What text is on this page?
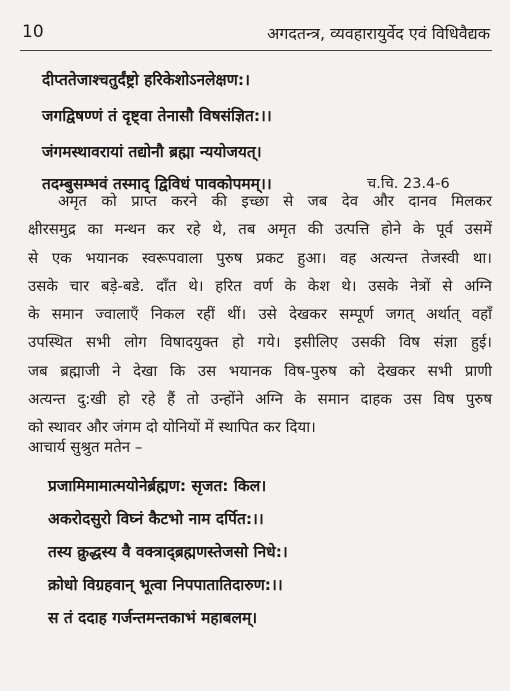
10	अगदतन्त्र, व्यवहारायुर्वेद एवं विधिवैद्यक
दीप्ततेजाश्चतुर्दंष्ट्रो हरिकेशोऽनलेक्षण:।
जगद्विषण्णं तं दृष्ट्वा तेनासौ विषसंज्ञित:।।
जंगमस्थावरायां तद्योनौ ब्रह्मा न्ययोजयत्।
तदम्बुसम्भवं तस्माद् द्विविधं पावकोपमम्।।	च.चि. 23.4-6
अमृत को प्राप्त करने की इच्छा से जब देव और दानव मिलकर
क्षीरसमुद्र का मन्थन कर रहे थे, तब अमृत की उत्पत्ति होने के पूर्व उसमें
से एक भयानक स्वरूपवाला पुरुष प्रकट हुआ। वह अत्यन्त तेजस्वी था।
उसके चार बड़े-बडे. दाँत थे। हरित वर्ण के केश थे। उसके नेत्रों से अग्नि
के समान ज्वालाएँ निकल रहीं थीं। उसे देखकर सम्पूर्ण जगत् अर्थात् वहाँ
उपस्थित सभी लोग विषादयुक्त हो गये। इसीलिए उसकी विष संज्ञा हुई।
जब ब्रह्माजी ने देखा कि उस भयानक विष-पुरुष को देखकर सभी प्राणी
अत्यन्त दु:खी हो रहे हैं तो उन्होंने अग्नि के समान दाहक उस विष पुरुष
को स्थावर और जंगम दो योनियों में स्थापित कर दिया।
आचार्य सुश्रुत मतेन –
प्रजामिमामात्मयोनेर्ब्रह्मण: सृजत: किल।
अकरोदसुरो विघ्नं कैटभो नाम दर्पित:।।
तस्य क्रुद्धस्य वै वक्त्राद्ब्रह्मणस्तेजसो निधे:।
क्रोधो विग्रहवान् भूत्वा निपपातातिदारुण:।।
स तं ददाह गर्जन्तमन्तकाभं महाबलम्।
